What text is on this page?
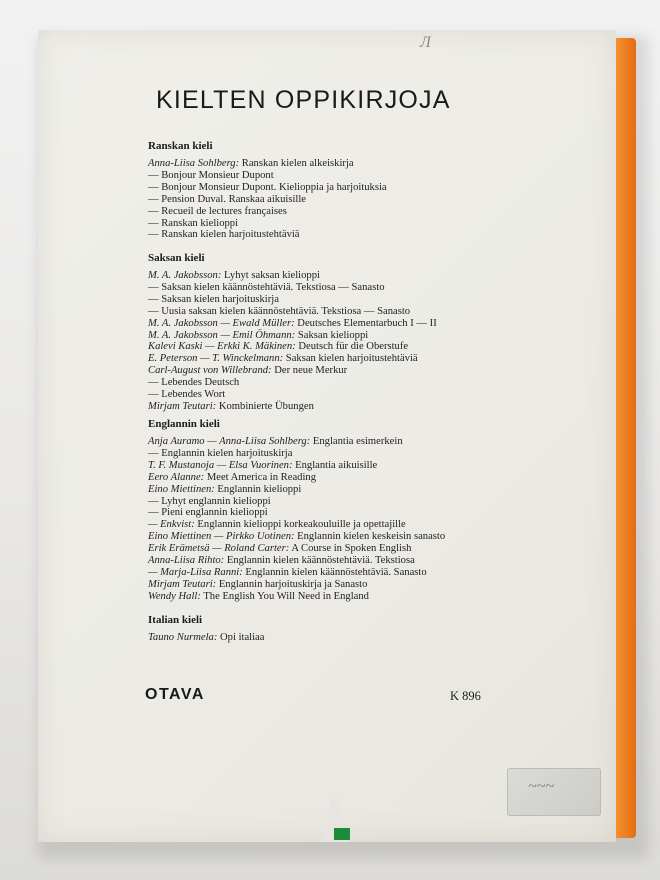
Л
KIELTEN OPPIKIRJOJA
Ranskan kieli
Anna-Liisa Sohlberg: Ranskan kielen alkeiskirja
— Bonjour Monsieur Dupont
— Bonjour Monsieur Dupont. Kielioppia ja harjoituksia
— Pension Duval. Ranskaa aikuisille
— Recueil de lectures françaises
— Ranskan kielioppi
— Ranskan kielen harjoitustehtäviä
Saksan kieli
M. A. Jakobsson: Lyhyt saksan kielioppi
— Saksan kielen käännöstehtäviä. Tekstiosa — Sanasto
— Saksan kielen harjoituskirja
— Uusia saksan kielen käännöstehtäviä. Tekstiosa — Sanasto
M. A. Jakobsson — Ewald Müller: Deutsches Elementarbuch I — II
M. A. Jakobsson — Emil Öhmann: Saksan kielioppi
Kalevi Kaski — Erkki K. Mäkinen: Deutsch für die Oberstufe
E. Peterson — T. Winckelmann: Saksan kielen harjoitustehtäviä
Carl-August von Willebrand: Der neue Merkur
— Lebendes Deutsch
— Lebendes Wort
Mirjam Teutari: Kombinierte Übungen
Englannin kieli
Anja Auramo — Anna-Liisa Sohlberg: Englantia esimerkein
— Englannin kielen harjoituskirja
T. F. Mustanoja — Elsa Vuorinen: Englantia aikuisille
Eero Alanne: Meet America in Reading
Eino Miettinen: Englannin kielioppi
— Lyhyt englannin kielioppi
— Pieni englannin kielioppi
— Enkvist: Englannin kielioppi korkeakouluille ja opettajille
Eino Miettinen — Pirkko Uotinen: Englannin kielen keskeisin sanasto
Erik Erämetsä — Roland Carter: A Course in Spoken English
Anna-Liisa Rihto: Englannin kielen käännöstehtäviä. Tekstiosa
— Marja-Liisa Ranni: Englannin kielen käännöstehtäviä. Sanasto
Mirjam Teutari: Englannin harjoituskirja ja Sanasto
Wendy Hall: The English You Will Need in England
Italian kieli
Tauno Nurmela: Opi italiaa
OTAVA	K 896
~~~
